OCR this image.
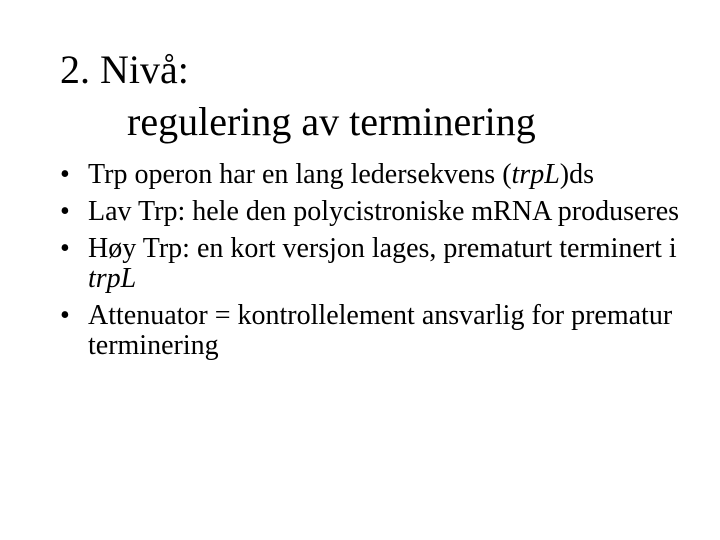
2. Nivå:
regulering av terminering
• Trp operon har en lang ledersekvens (trpL)ds
• Lav Trp: hele den polycistroniske mRNA produseres
• Høy Trp: en kort versjon lages, prematurt terminert i trpL
• Attenuator = kontrollelement ansvarlig for prematur terminering
